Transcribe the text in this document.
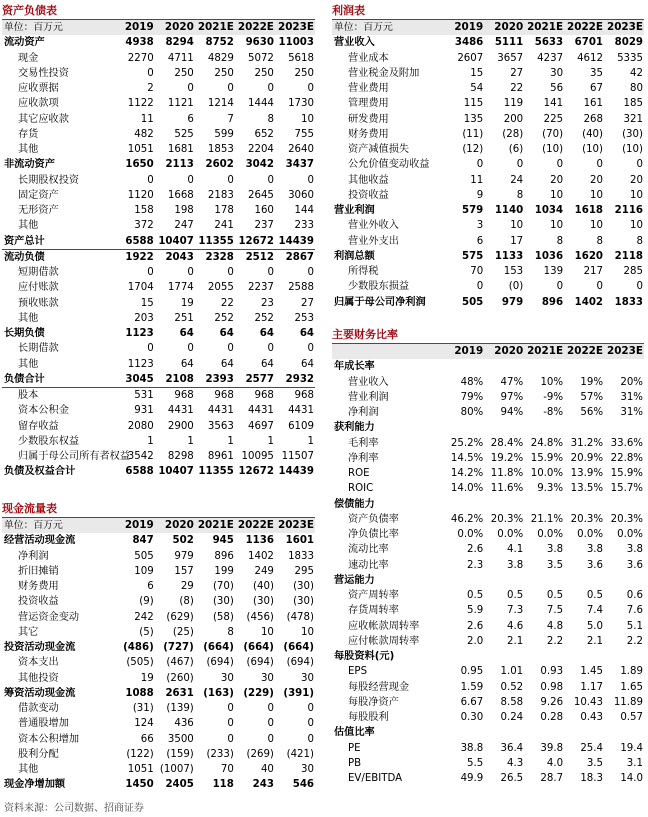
资产负债表
单位：百万元	2019	2020	2021E	2022E	2023E
流动资产	4938	8294	8752	9630	11003
现金	2270	4711	4829	5072	5618
交易性投资	0	250	250	250	250
应收票据	2	0	0	0	0
应收款项	1122	1121	1214	1444	1730
其它应收款	11	6	7	8	10
存货	482	525	599	652	755
其他	1051	1681	1853	2204	2640
非流动资产	1650	2113	2602	3042	3437
长期股权投资	0	0	0	0	0
固定资产	1120	1668	2183	2645	3060
无形资产	158	198	178	160	144
其他	372	247	241	237	233
资产总计	6588	10407	11355	12672	14439
流动负债	1922	2043	2328	2512	2867
短期借款	0	0	0	0	0
应付账款	1704	1774	2055	2237	2588
预收账款	15	19	22	23	27
其他	203	251	252	252	253
长期负债	1123	64	64	64	64
长期借款	0	0	0	0	0
其他	1123	64	64	64	64
负债合计	3045	2108	2393	2577	2932
股本	531	968	968	968	968
资本公积金	931	4431	4431	4431	4431
留存收益	2080	2900	3563	4697	6109
少数股东权益	1	1	1	1	1
归属于母公司所有者权益	3542	8298	8961	10095	11507
负债及权益合计	6588	10407	11355	12672	14439
现金流量表
单位：百万元	2019	2020	2021E	2022E	2023E
经营活动现金流	847	502	945	1136	1601
净利润	505	979	896	1402	1833
折旧摊销	109	157	199	249	295
财务费用	6	29	(70)	(40)	(30)
投资收益	(9)	(8)	(30)	(30)	(30)
营运资金变动	242	(629)	(58)	(456)	(478)
其它	(5)	(25)	8	10	10
投资活动现金流	(486)	(727)	(664)	(664)	(664)
资本支出	(505)	(467)	(694)	(694)	(694)
其他投资	19	(260)	30	30	30
筹资活动现金流	1088	2631	(163)	(229)	(391)
借款变动	(31)	(139)	0	0	0
普通股增加	124	436	0	0	0
资本公积增加	66	3500	0	0	0
股利分配	(122)	(159)	(233)	(269)	(421)
其他	1051	(1007)	70	40	30
现金净增加额	1450	2405	118	243	546
利润表
单位：百万元	2019	2020	2021E	2022E	2023E
营业收入	3486	5111	5633	6701	8029
营业成本	2607	3657	4237	4612	5335
营业税金及附加	15	27	30	35	42
营业费用	54	22	56	67	80
管理费用	115	119	141	161	185
研发费用	135	200	225	268	321
财务费用	(11)	(28)	(70)	(40)	(30)
资产减值损失	(12)	(6)	(10)	(10)	(10)
公允价值变动收益	0	0	0	0	0
其他收益	11	24	20	20	20
投资收益	9	8	10	10	10
营业利润	579	1140	1034	1618	2116
营业外收入	3	10	10	10	10
营业外支出	6	17	8	8	8
利润总额	575	1133	1036	1620	2118
所得税	70	153	139	217	285
少数股东损益	0	(0)	0	0	0
归属于母公司净利润	505	979	896	1402	1833
主要财务比率
	2019	2020	2021E	2022E	2023E
年成长率					
营业收入	48%	47%	10%	19%	20%
营业利润	79%	97%	-9%	57%	31%
净利润	80%	94%	-8%	56%	31%
获利能力					
毛利率	25.2%	28.4%	24.8%	31.2%	33.6%
净利率	14.5%	19.2%	15.9%	20.9%	22.8%
ROE	14.2%	11.8%	10.0%	13.9%	15.9%
ROIC	14.0%	11.6%	9.3%	13.5%	15.7%
偿债能力					
资产负债率	46.2%	20.3%	21.1%	20.3%	20.3%
净负债比率	0.0%	0.0%	0.0%	0.0%	0.0%
流动比率	2.6	4.1	3.8	3.8	3.8
速动比率	2.3	3.8	3.5	3.6	3.6
营运能力					
资产周转率	0.5	0.5	0.5	0.5	0.6
存货周转率	5.9	7.3	7.5	7.4	7.6
应收帐款周转率	2.6	4.6	4.8	5.0	5.1
应付帐款周转率	2.0	2.1	2.2	2.1	2.2
每股资料(元)					
EPS	0.95	1.01	0.93	1.45	1.89
每股经营现金	1.59	0.52	0.98	1.17	1.65
每股净资产	6.67	8.58	9.26	10.43	11.89
每股股利	0.30	0.24	0.28	0.43	0.57
估值比率					
PE	38.8	36.4	39.8	25.4	19.4
PB	5.5	4.3	4.0	3.5	3.1
EV/EBITDA	49.9	26.5	28.7	18.3	14.0
资料来源：公司数据、招商证券
